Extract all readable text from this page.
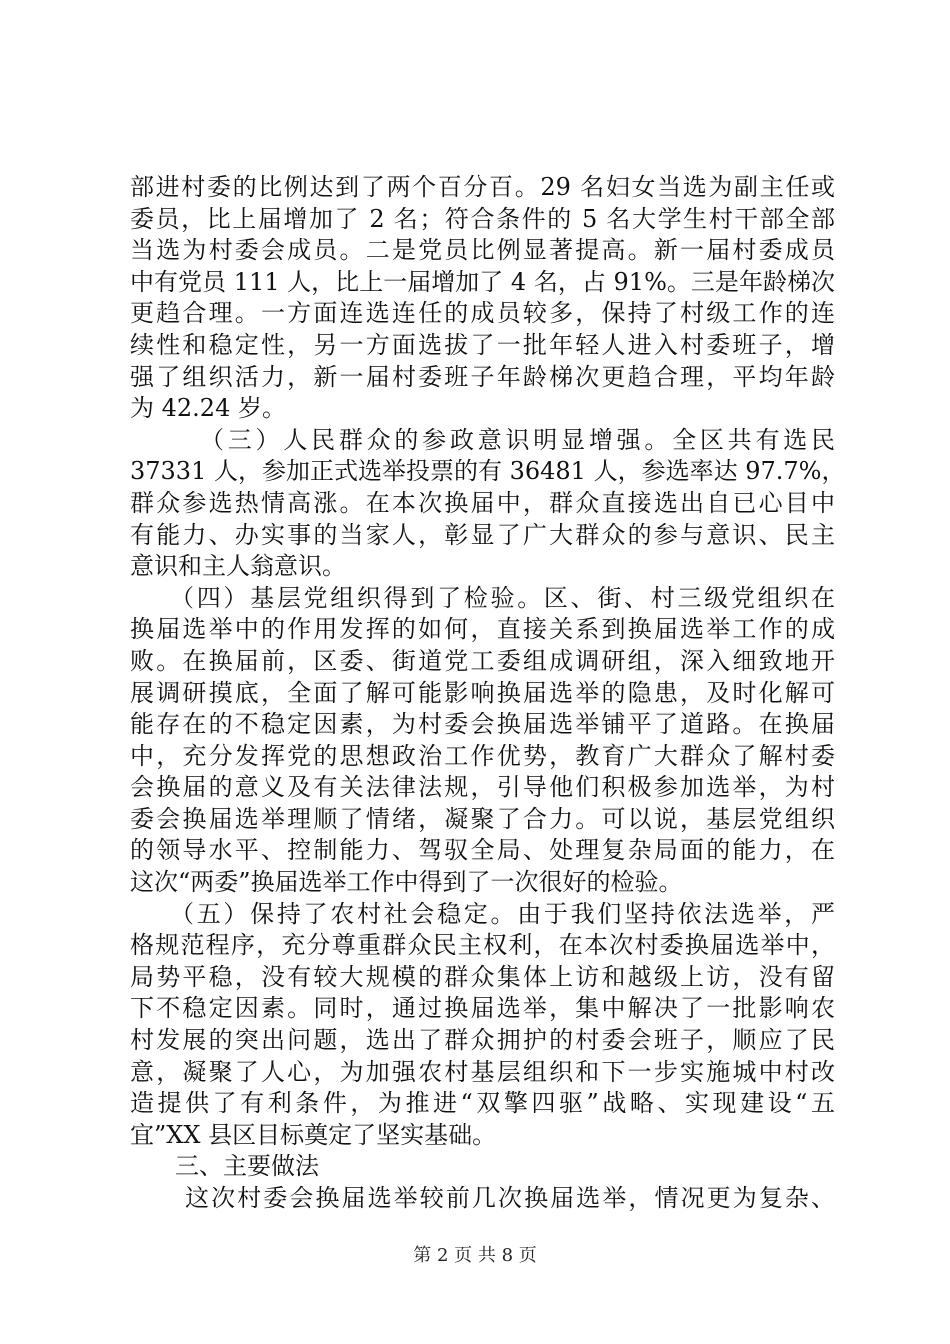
部进村委的比例达到了两个百分百。29 名妇女当选为副主任或
委员，比上届增加了 2 名；符合条件的 5 名大学生村干部全部
当选为村委会成员。二是党员比例显著提高。新一届村委成员
中有党员 111 人，比上一届增加了 4 名，占 91%。三是年龄梯次
更趋合理。一方面连选连任的成员较多，保持了村级工作的连
续性和稳定性，另一方面选拔了一批年轻人进入村委班子，增
强了组织活力，新一届村委班子年龄梯次更趋合理，平均年龄
为 42.24 岁。
（三）人民群众的参政意识明显增强。全区共有选民
37331 人，参加正式选举投票的有 36481 人，参选率达 97.7%，
群众参选热情高涨。在本次换届中，群众直接选出自已心目中
有能力、办实事的当家人，彰显了广大群众的参与意识、民主
意识和主人翁意识。
（四）基层党组织得到了检验。区、街、村三级党组织在
换届选举中的作用发挥的如何，直接关系到换届选举工作的成
败。在换届前，区委、街道党工委组成调研组，深入细致地开
展调研摸底，全面了解可能影响换届选举的隐患，及时化解可
能存在的不稳定因素，为村委会换届选举铺平了道路。在换届
中，充分发挥党的思想政治工作优势，教育广大群众了解村委
会换届的意义及有关法律法规，引导他们积极参加选举，为村
委会换届选举理顺了情绪，凝聚了合力。可以说，基层党组织
的领导水平、控制能力、驾驭全局、处理复杂局面的能力，在
这次“两委”换届选举工作中得到了一次很好的检验。
（五）保持了农村社会稳定。由于我们坚持依法选举，严
格规范程序，充分尊重群众民主权利，在本次村委换届选举中，
局势平稳，没有较大规模的群众集体上访和越级上访，没有留
下不稳定因素。同时，通过换届选举，集中解决了一批影响农
村发展的突出问题，选出了群众拥护的村委会班子，顺应了民
意，凝聚了人心，为加强农村基层组织和下一步实施城中村改
造提供了有利条件，为推进“双擎四驱”战略、实现建设“五
宜”XX 县区目标奠定了坚实基础。
三、主要做法
这次村委会换届选举较前几次换届选举，情况更为复杂、
第 2 页 共 8 页
